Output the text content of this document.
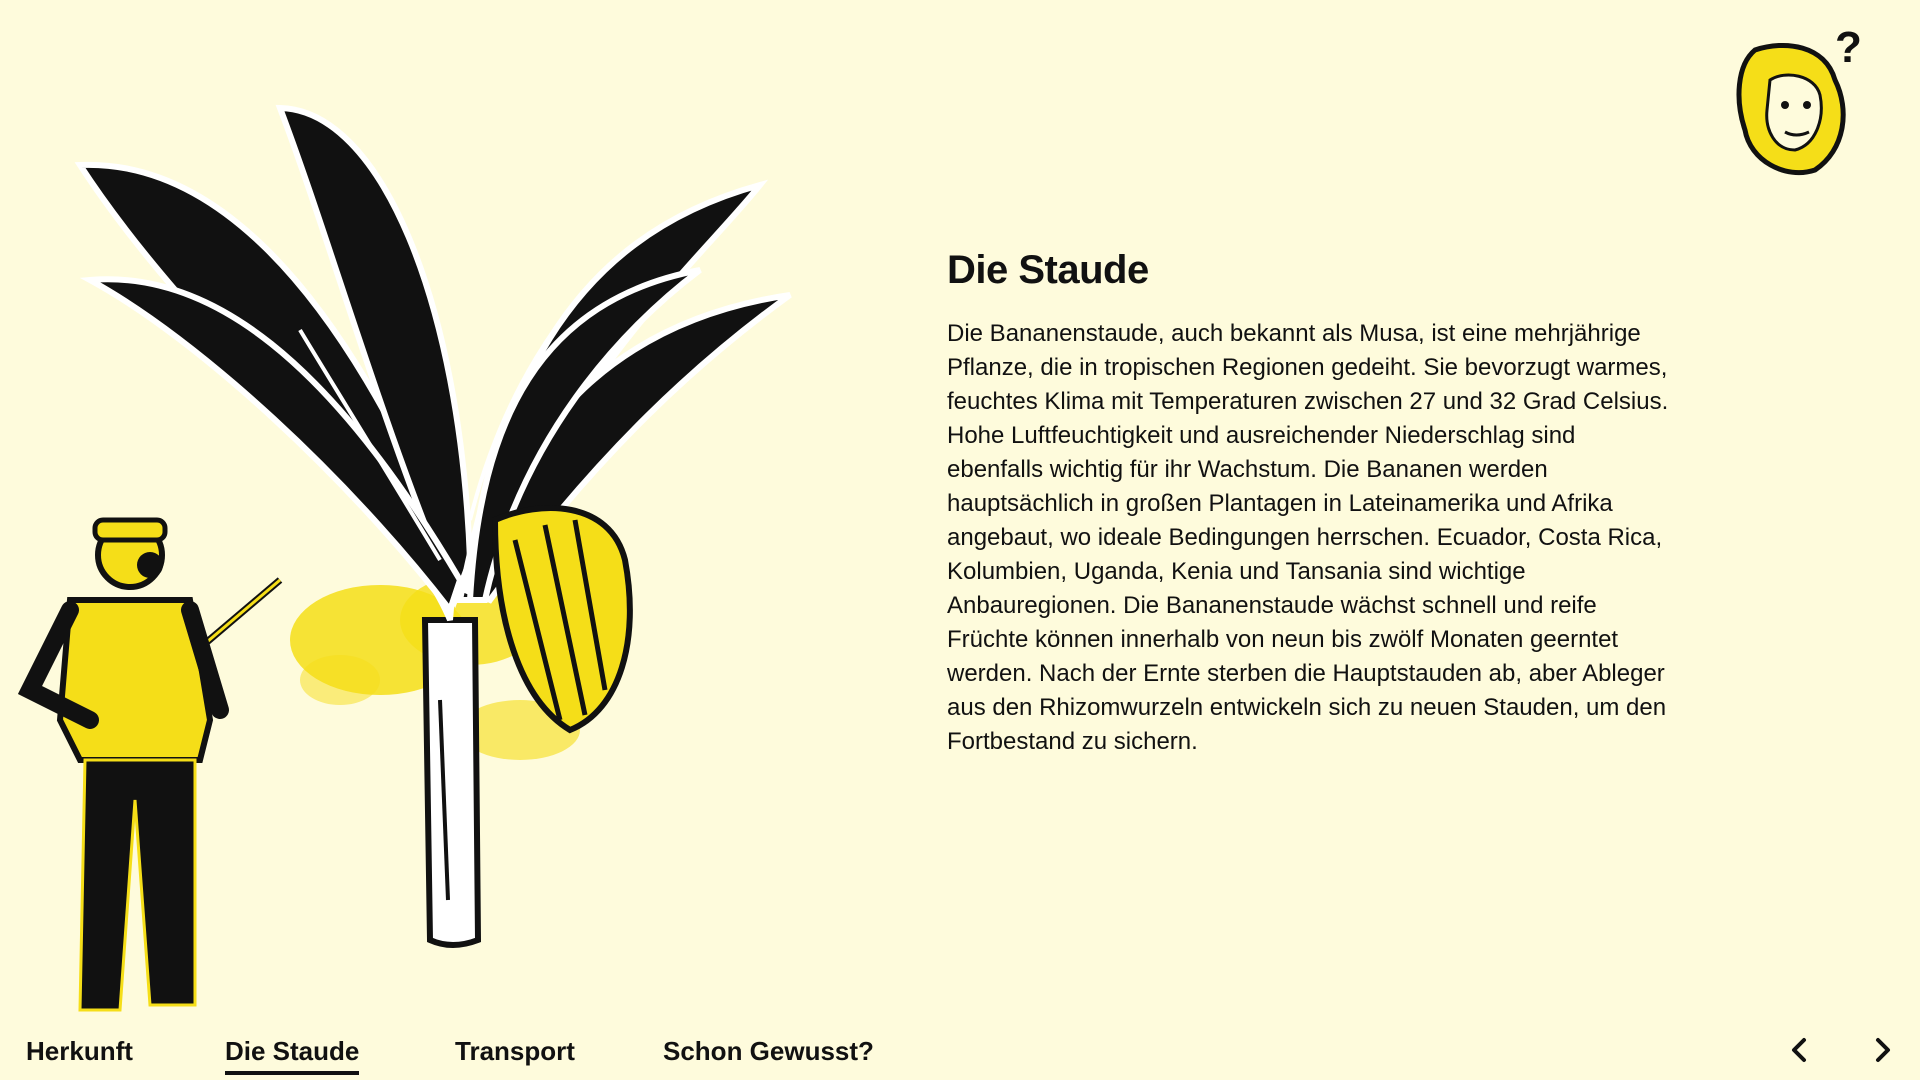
?
Die Staude

Die Bananenstaude, auch bekannt als Musa, ist eine mehrjährige Pflanze, die in tropischen Regionen gedeiht. Sie bevorzugt warmes, feuchtes Klima mit Temperaturen zwischen 27 und 32 Grad Celsius. Hohe Luftfeuchtigkeit und ausreichender Niederschlag sind ebenfalls wichtig für ihr Wachstum. Die Bananen werden hauptsächlich in großen Plantagen in Lateinamerika und Afrika angebaut, wo ideale Bedingungen herrschen. Ecuador, Costa Rica, Kolumbien, Uganda, Kenia und Tansania sind wichtige Anbauregionen. Die Bananenstaude wächst schnell und reife Früchte können innerhalb von neun bis zwölf Monaten geerntet werden. Nach der Ernte sterben die Hauptstauden ab, aber Ableger aus den Rhizomwurzeln entwickeln sich zu neuen Stauden, um den Fortbestand zu sichern.

Herkunft	Die Staude	Transport	Schon Gewusst?
